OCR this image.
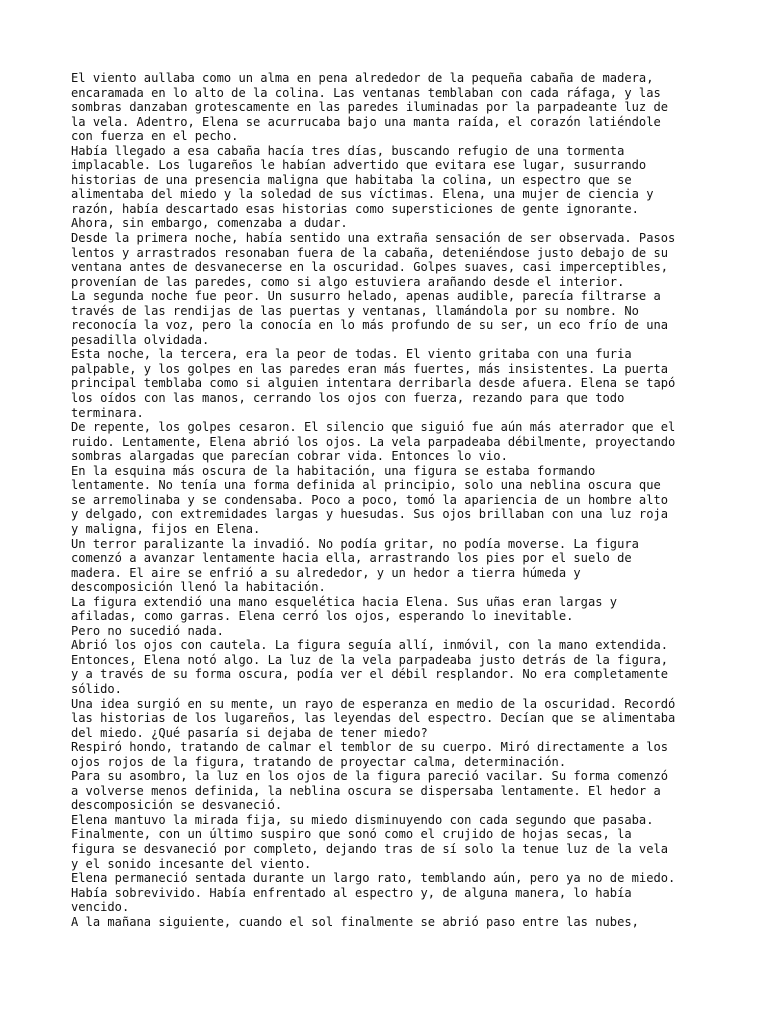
El viento aullaba como un alma en pena alrededor de la pequeña cabaña de madera,
encaramada en lo alto de la colina. Las ventanas temblaban con cada ráfaga, y las
sombras danzaban grotescamente en las paredes iluminadas por la parpadeante luz de
la vela. Adentro, Elena se acurrucaba bajo una manta raída, el corazón latiéndole
con fuerza en el pecho.

Había llegado a esa cabaña hacía tres días, buscando refugio de una tormenta
implacable. Los lugareños le habían advertido que evitara ese lugar, susurrando
historias de una presencia maligna que habitaba la colina, un espectro que se
alimentaba del miedo y la soledad de sus víctimas. Elena, una mujer de ciencia y
razón, había descartado esas historias como supersticiones de gente ignorante.
Ahora, sin embargo, comenzaba a dudar.

Desde la primera noche, había sentido una extraña sensación de ser observada. Pasos
lentos y arrastrados resonaban fuera de la cabaña, deteniéndose justo debajo de su
ventana antes de desvanecerse en la oscuridad. Golpes suaves, casi imperceptibles,
provenían de las paredes, como si algo estuviera arañando desde el interior.

La segunda noche fue peor. Un susurro helado, apenas audible, parecía filtrarse a
través de las rendijas de las puertas y ventanas, llamándola por su nombre. No
reconocía la voz, pero la conocía en lo más profundo de su ser, un eco frío de una
pesadilla olvidada.

Esta noche, la tercera, era la peor de todas. El viento gritaba con una furia
palpable, y los golpes en las paredes eran más fuertes, más insistentes. La puerta
principal temblaba como si alguien intentara derribarla desde afuera. Elena se tapó
los oídos con las manos, cerrando los ojos con fuerza, rezando para que todo
terminara.

De repente, los golpes cesaron. El silencio que siguió fue aún más aterrador que el
ruido. Lentamente, Elena abrió los ojos. La vela parpadeaba débilmente, proyectando
sombras alargadas que parecían cobrar vida. Entonces lo vio.

En la esquina más oscura de la habitación, una figura se estaba formando
lentamente. No tenía una forma definida al principio, solo una neblina oscura que
se arremolinaba y se condensaba. Poco a poco, tomó la apariencia de un hombre alto
y delgado, con extremidades largas y huesudas. Sus ojos brillaban con una luz roja
y maligna, fijos en Elena.

Un terror paralizante la invadió. No podía gritar, no podía moverse. La figura
comenzó a avanzar lentamente hacia ella, arrastrando los pies por el suelo de
madera. El aire se enfrió a su alrededor, y un hedor a tierra húmeda y
descomposición llenó la habitación.

La figura extendió una mano esquelética hacia Elena. Sus uñas eran largas y
afiladas, como garras. Elena cerró los ojos, esperando lo inevitable.

Pero no sucedió nada.

Abrió los ojos con cautela. La figura seguía allí, inmóvil, con la mano extendida.
Entonces, Elena notó algo. La luz de la vela parpadeaba justo detrás de la figura,
y a través de su forma oscura, podía ver el débil resplandor. No era completamente
sólido.

Una idea surgió en su mente, un rayo de esperanza en medio de la oscuridad. Recordó
las historias de los lugareños, las leyendas del espectro. Decían que se alimentaba
del miedo. ¿Qué pasaría si dejaba de tener miedo?

Respiró hondo, tratando de calmar el temblor de su cuerpo. Miró directamente a los
ojos rojos de la figura, tratando de proyectar calma, determinación.

Para su asombro, la luz en los ojos de la figura pareció vacilar. Su forma comenzó
a volverse menos definida, la neblina oscura se dispersaba lentamente. El hedor a
descomposición se desvaneció.

Elena mantuvo la mirada fija, su miedo disminuyendo con cada segundo que pasaba.
Finalmente, con un último suspiro que sonó como el crujido de hojas secas, la
figura se desvaneció por completo, dejando tras de sí solo la tenue luz de la vela
y el sonido incesante del viento.

Elena permaneció sentada durante un largo rato, temblando aún, pero ya no de miedo.
Había sobrevivido. Había enfrentado al espectro y, de alguna manera, lo había
vencido.

A la mañana siguiente, cuando el sol finalmente se abrió paso entre las nubes,
